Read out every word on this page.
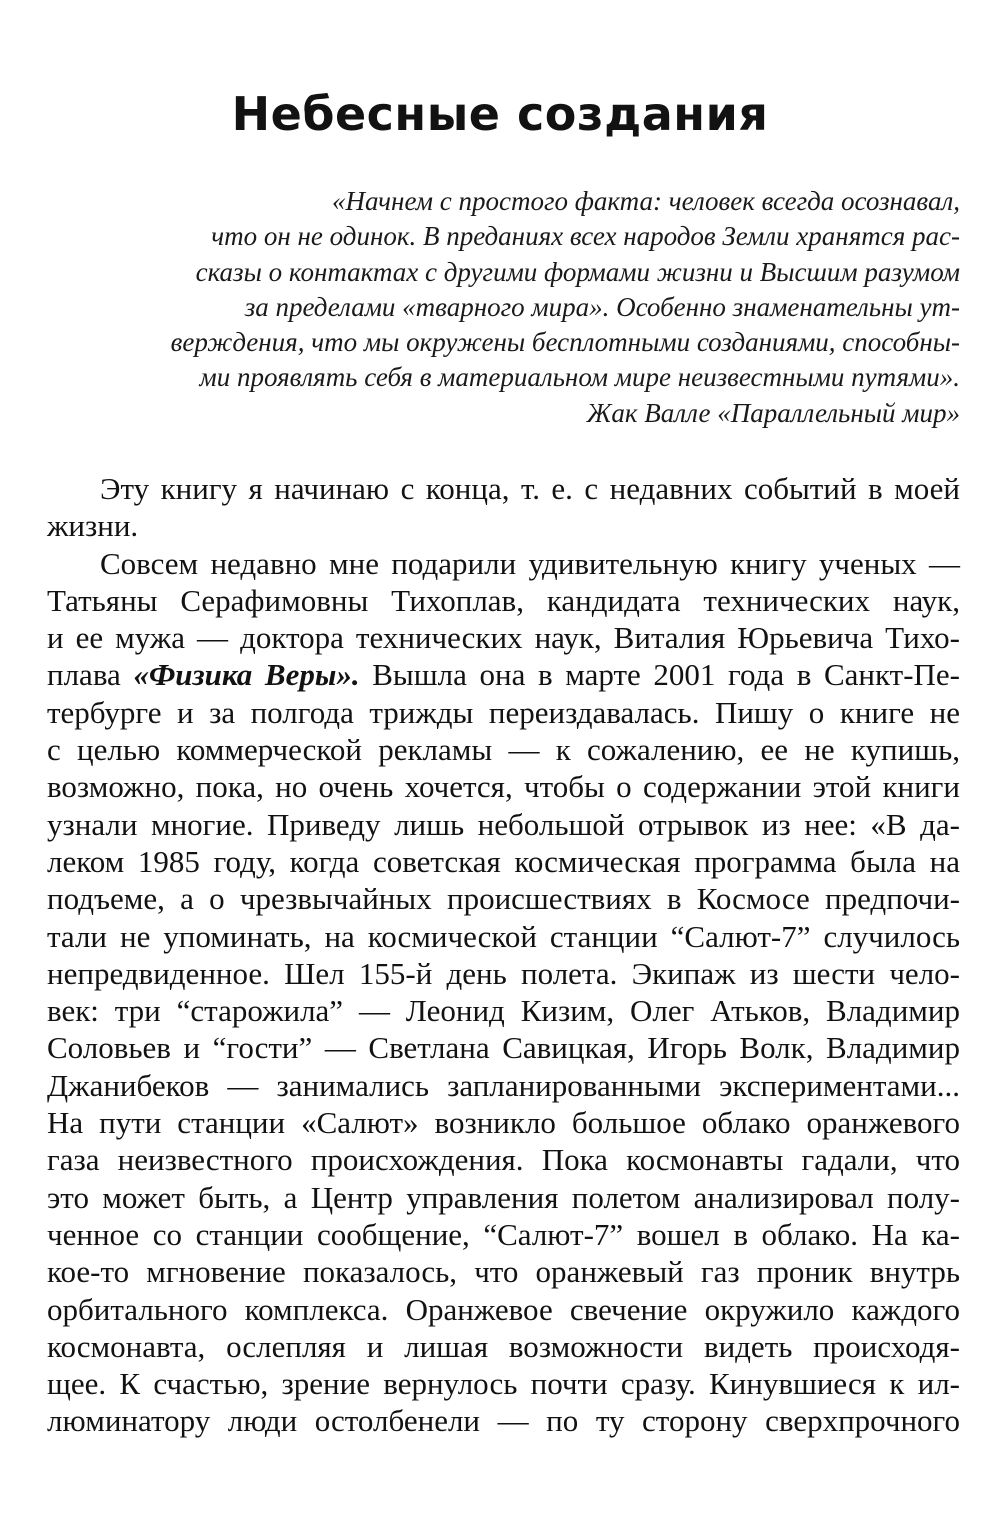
Небесные создания
«Начнем с простого факта: человек всегда осознавал,
что он не одинок. В преданиях всех народов Земли хранятся рас-
сказы о контактах с другими формами жизни и Высшим разумом
за пределами «тварного мира». Особенно знаменательны ут-
верждения, что мы окружены бесплотными созданиями, способны-
ми проявлять себя в материальном мире неизвестными путями».
Жак Валле «Параллельный мир»
Эту книгу я начинаю с конца, т. е. с недавних событий в моей
жизни.
Совсем недавно мне подарили удивительную книгу ученых —
Татьяны Серафимовны Тихоплав, кандидата технических наук,
и ее мужа — доктора технических наук, Виталия Юрьевича Тихо-
плава «Физика Веры». Вышла она в марте 2001 года в Санкт-Пе-
тербурге и за полгода трижды переиздавалась. Пишу о книге не
с целью коммерческой рекламы — к сожалению, ее не купишь,
возможно, пока, но очень хочется, чтобы о содержании этой книги
узнали многие. Приведу лишь небольшой отрывок из нее: «В да-
леком 1985 году, когда советская космическая программа была на
подъеме, а о чрезвычайных происшествиях в Космосе предпочи-
тали не упоминать, на космической станции “Салют-7” случилось
непредвиденное. Шел 155-й день полета. Экипаж из шести чело-
век: три “старожила” — Леонид Кизим, Олег Атьков, Владимир
Соловьев и “гости” — Светлана Савицкая, Игорь Волк, Владимир
Джанибеков — занимались запланированными экспериментами...
На пути станции «Салют» возникло большое облако оранжевого
газа неизвестного происхождения. Пока космонавты гадали, что
это может быть, а Центр управления полетом анализировал полу-
ченное со станции сообщение, “Салют-7” вошел в облако. На ка-
кое-то мгновение показалось, что оранжевый газ проник внутрь
орбитального комплекса. Оранжевое свечение окружило каждого
космонавта, ослепляя и лишая возможности видеть происходя-
щее. К счастью, зрение вернулось почти сразу. Кинувшиеся к ил-
люминатору люди остолбенели — по ту сторону сверхпрочного
